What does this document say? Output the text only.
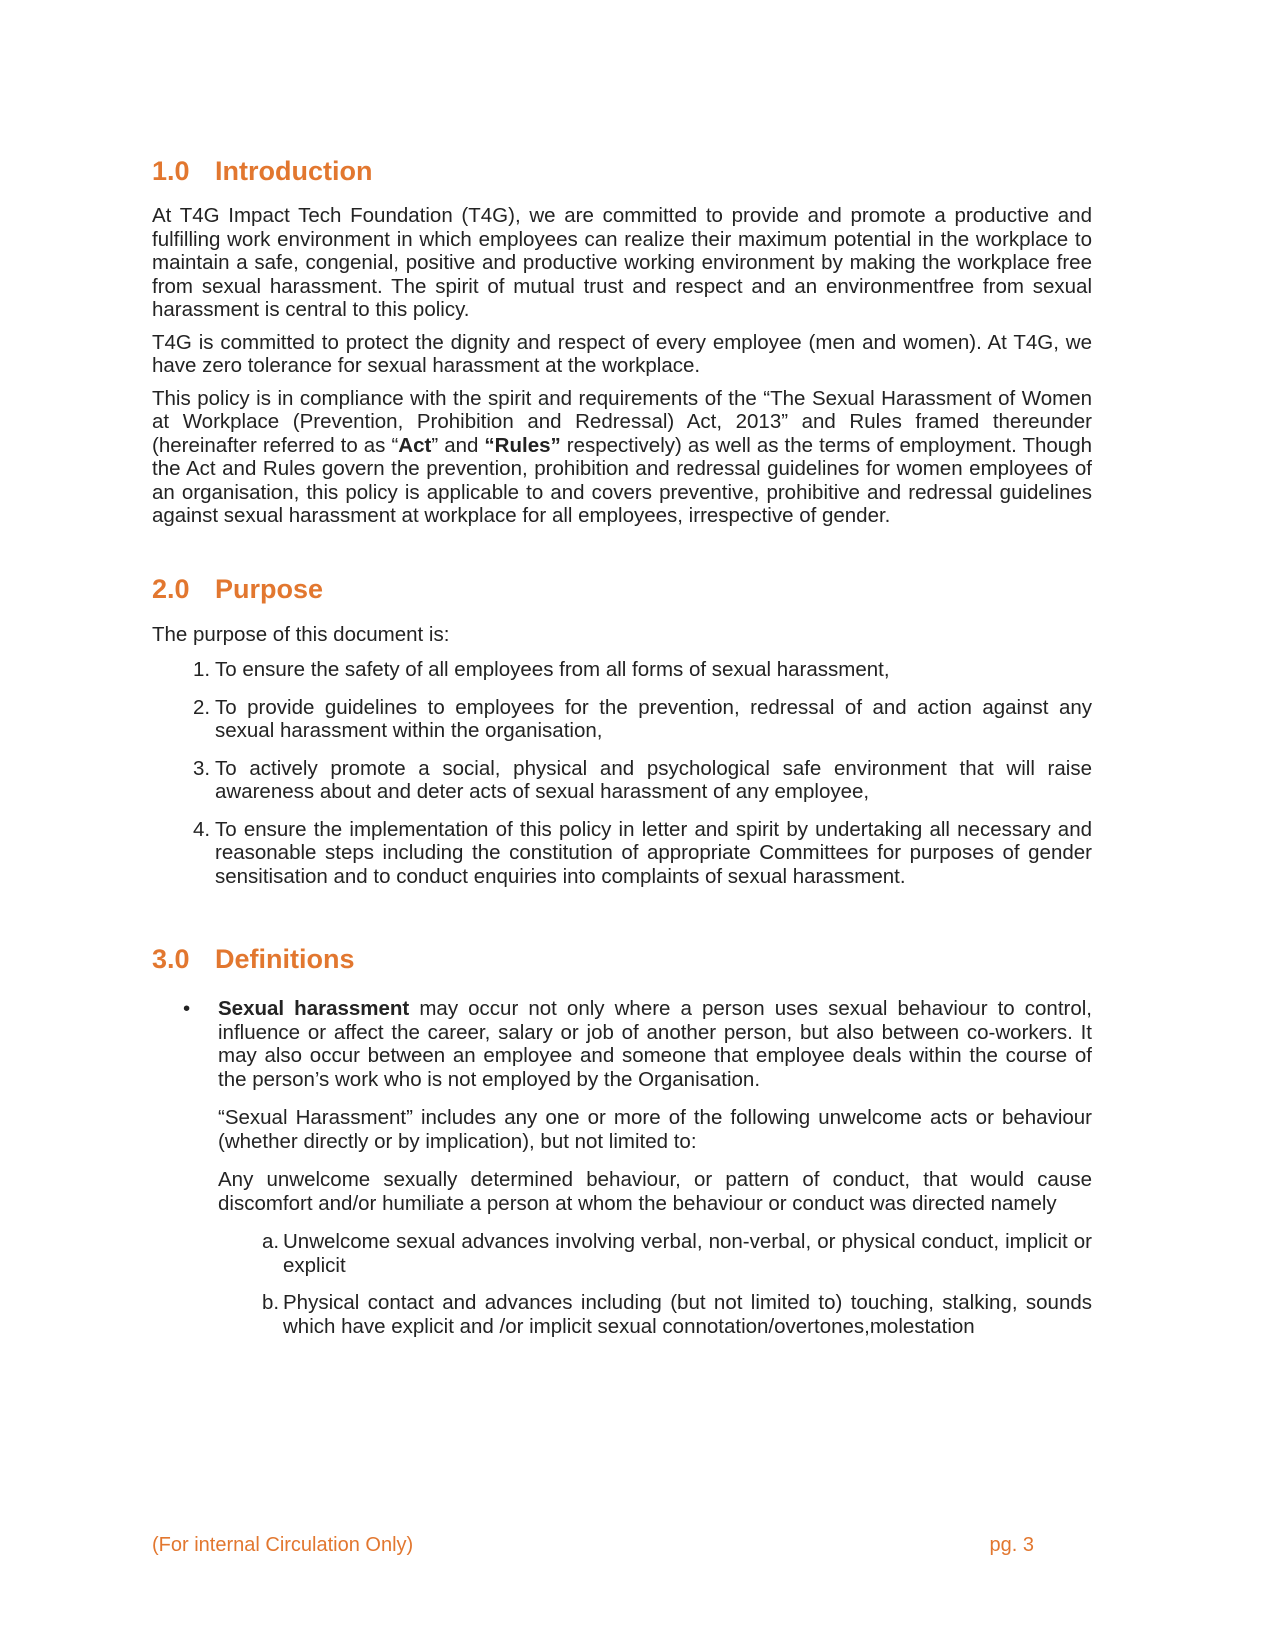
1.0 Introduction

At T4G Impact Tech Foundation (T4G), we are committed to provide and promote a productive and fulfilling work environment in which employees can realize their maximum potential in the workplace to maintain a safe, congenial, positive and productive working environment by making the workplace free from sexual harassment. The spirit of mutual trust and respect and an environmentfree from sexual harassment is central to this policy.

T4G is committed to protect the dignity and respect of every employee (men and women). At T4G, we have zero tolerance for sexual harassment at the workplace.

This policy is in compliance with the spirit and requirements of the “The Sexual Harassment of Women at Workplace (Prevention, Prohibition and Redressal) Act, 2013” and Rules framed thereunder (hereinafter referred to as “Act” and “Rules” respectively) as well as the terms of employment. Though the Act and Rules govern the prevention, prohibition and redressal guidelines for women employees of an organisation, this policy is applicable to and covers preventive, prohibitive and redressal guidelines against sexual harassment at workplace for all employees, irrespective of gender.

2.0 Purpose

The purpose of this document is:

1. To ensure the safety of all employees from all forms of sexual harassment,
2. To provide guidelines to employees for the prevention, redressal of and action against any sexual harassment within the organisation,
3. To actively promote a social, physical and psychological safe environment that will raise awareness about and deter acts of sexual harassment of any employee,
4. To ensure the implementation of this policy in letter and spirit by undertaking all necessary and reasonable steps including the constitution of appropriate Committees for purposes of gender sensitisation and to conduct enquiries into complaints of sexual harassment.
3.0 Definitions
•	Sexual harassment may occur not only where a person uses sexual behaviour to control, influence or affect the career, salary or job of another person, but also between co-workers. It may also occur between an employee and someone that employee deals within the course of the person’s work who is not employed by the Organisation.

“Sexual Harassment” includes any one or more of the following unwelcome acts or behaviour (whether directly or by implication), but not limited to:

Any unwelcome sexually determined behaviour, or pattern of conduct, that would cause discomfort and/or humiliate a person at whom the behaviour or conduct was directed namely

a. Unwelcome sexual advances involving verbal, non-verbal, or physical conduct, implicit or explicit
b. Physical contact and advances including (but not limited to) touching, stalking, sounds which have explicit and /or implicit sexual connotation/overtones,molestation
(For internal Circulation Only)	pg. 3
